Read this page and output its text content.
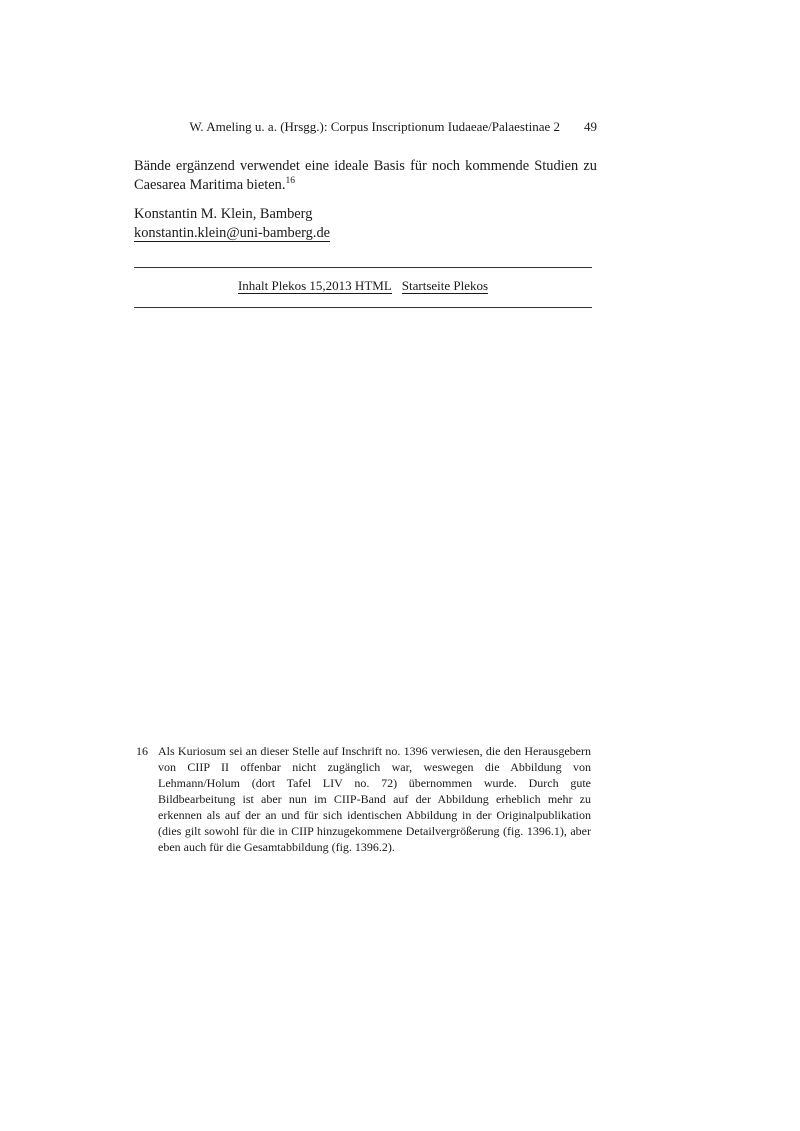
W. Ameling u. a. (Hrsgg.): Corpus Inscriptionum Iudaeae/Palaestinae 2 49

Bände ergänzend verwendet eine ideale Basis für noch kommende Studien zu Caesarea Maritima bieten.$^{16}$

Konstantin M. Klein, Bamberg
konstantin.klein@uni-bamberg.de
Inhalt Plekos 15,2013 HTML Startseite Plekos
16 Als Kuriosum sei an dieser Stelle auf Inschrift no. 1396 verwiesen, die den Herausgebern von CIIP II offenbar nicht zugänglich war, weswegen die Abbildung von Lehmann/Holum (dort Tafel LIV no. 72) übernommen wurde. Durch gute Bildbearbeitung ist aber nun im CIIP-Band auf der Abbildung erheblich mehr zu erkennen als auf der an und für sich identischen Abbildung in der Originalpublikation (dies gilt sowohl für die in CIIP hinzugekommene Detailvergrößerung (fig. 1396.1), aber eben auch für die Gesamtabbildung (fig. 1396.2).
